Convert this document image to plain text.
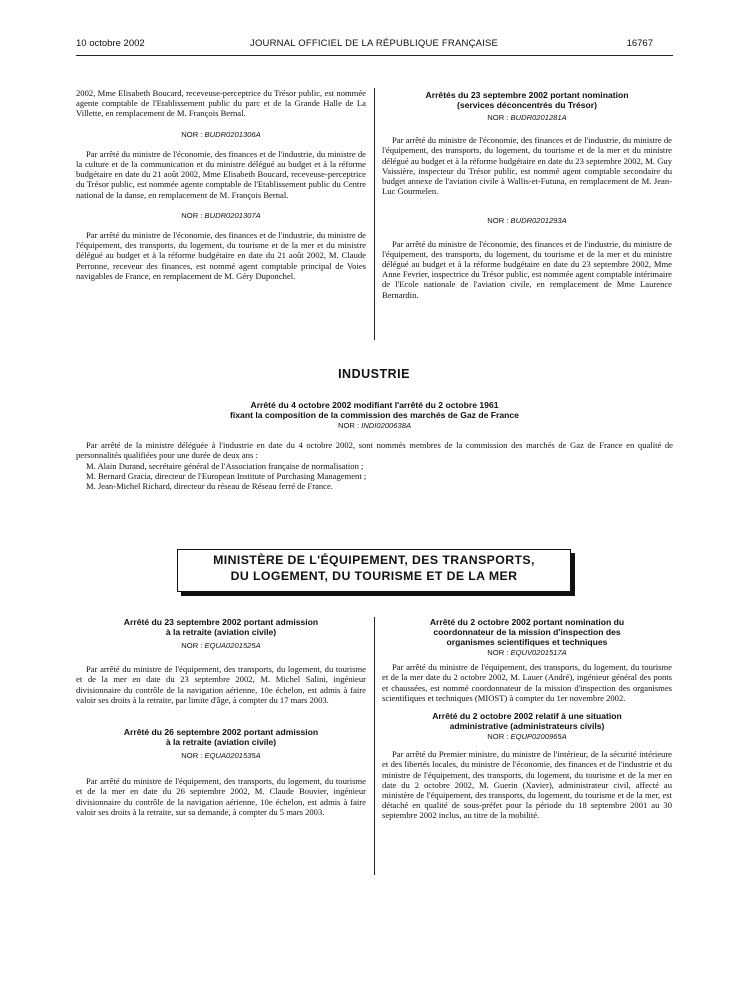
10 octobre 2002	JOURNAL OFFICIEL DE LA RÉPUBLIQUE FRANÇAISE	16767

2002, Mme Elisabeth Boucard, receveuse-perceptrice du Trésor public, est nommée agente comptable de l'Etablissement public du parc et de la Grande Halle de La Villette, en remplacement de M. François Bernal.

NOR : BUDR0201306A

Par arrêté du ministre de l'économie, des finances et de l'industrie, du ministre de la culture et de la communication et du ministre délégué au budget et à la réforme budgétaire en date du 21 août 2002, Mme Elisabeth Boucard, receveuse-perceptrice du Trésor public, est nommée agente comptable de l'Etablissement public du Centre national de la danse, en remplacement de M. François Bernal.

NOR : BUDR0201307A

Par arrêté du ministre de l'économie, des finances et de l'industrie, du ministre de l'équipement, des transports, du logement, du tourisme et de la mer et du ministre délégué au budget et à la réforme budgétaire en date du 21 août 2002, M. Claude Perronne, receveur des finances, est nommé agent comptable principal de Voies navigables de France, en remplacement de M. Géry Duponchel.

Arrêtés du 23 septembre 2002 portant nomination
(services déconcentrés du Trésor)
NOR : BUDR0201281A

Par arrêté du ministre de l'économie, des finances et de l'industrie, du ministre de l'équipement, des transports, du logement, du tourisme et de la mer et du ministre délégué au budget et à la réforme budgétaire en date du 23 septembre 2002, M. Guy Vaissière, inspecteur du Trésor public, est nommé agent comptable secondaire du budget annexe de l'aviation civile à Wallis-et-Futuna, en remplacement de M. Jean-Luc Gourmelen.

NOR : BUDR0201293A

Par arrêté du ministre de l'économie, des finances et de l'industrie, du ministre de l'équipement, des transports, du logement, du tourisme et de la mer et du ministre délégué au budget et à la réforme budgétaire en date du 23 septembre 2002, Mme Anne Fevrier, inspectrice du Trésor public, est nommée agent comptable intérimaire de l'Ecole nationale de l'aviation civile, en remplacement de Mme Laurence Bernardin.

INDUSTRIE
Arrêté du 4 octobre 2002 modifiant l'arrêté du 2 octobre 1961
fixant la composition de la commission des marchés de Gaz de France
NOR : INDI0200638A

Par arrêté de la ministre déléguée à l'industrie en date du 4 octobre 2002, sont nommés membres de la commission des marchés de Gaz de France en qualité de personnalités qualifiées pour une durée de deux ans :

M. Alain Durand, secrétaire général de l'Association française de normalisation ;
M. Bernard Gracia, directeur de l'European Institute of Purchasing Management ;
M. Jean-Michel Richard, directeur du réseau de Réseau ferré de France.
MINISTÈRE DE L'ÉQUIPEMENT, DES TRANSPORTS,
DU LOGEMENT, DU TOURISME ET DE LA MER
Arrêté du 23 septembre 2002 portant admission
à la retraite (aviation civile)
NOR : EQUA0201525A

Par arrêté du ministre de l'équipement, des transports, du logement, du tourisme et de la mer en date du 23 septembre 2002, M. Michel Salini, ingénieur divisionnaire du contrôle de la navigation aérienne, 10e échelon, est admis à faire valoir ses droits à la retraite, par limite d'âge, à compter du 17 mars 2003.

Arrêté du 26 septembre 2002 portant admission
à la retraite (aviation civile)
NOR : EQUA0201535A

Par arrêté du ministre de l'équipement, des transports, du logement, du tourisme et de la mer en date du 26 septembre 2002, M. Claude Bouvier, ingénieur divisionnaire du contrôle de la navigation aérienne, 10e échelon, est admis à faire valoir ses droits à la retraite, sur sa demande, à compter du 5 mars 2003.

Arrêté du 2 octobre 2002 portant nomination du
coordonnateur de la mission d'inspection des
organismes scientifiques et techniques
NOR : EQUV0201517A

Par arrêté du ministre de l'équipement, des transports, du logement, du tourisme et de la mer date du 2 octobre 2002, M. Lauer (André), ingénieur général des ponts et chaussées, est nommé coordonnateur de la mission d'inspection des organismes scientifiques et techniques (MIOST) à compter du 1er novembre 2002.

Arrêté du 2 octobre 2002 relatif à une situation
administrative (administrateurs civils)
NOR : EQUP0200965A

Par arrêté du Premier ministre, du ministre de l'intérieur, de la sécurité intérieure et des libertés locales, du ministre de l'économie, des finances et de l'industrie et du ministre de l'équipement, des transports, du logement, du tourisme et de la mer en date du 2 octobre 2002, M. Guerin (Xavier), administrateur civil, affecté au ministère de l'équipement, des transports, du logement, du tourisme et de la mer, est détaché en qualité de sous-préfet pour la période du 18 septembre 2001 au 30 septembre 2002 inclus, au titre de la mobilité.
